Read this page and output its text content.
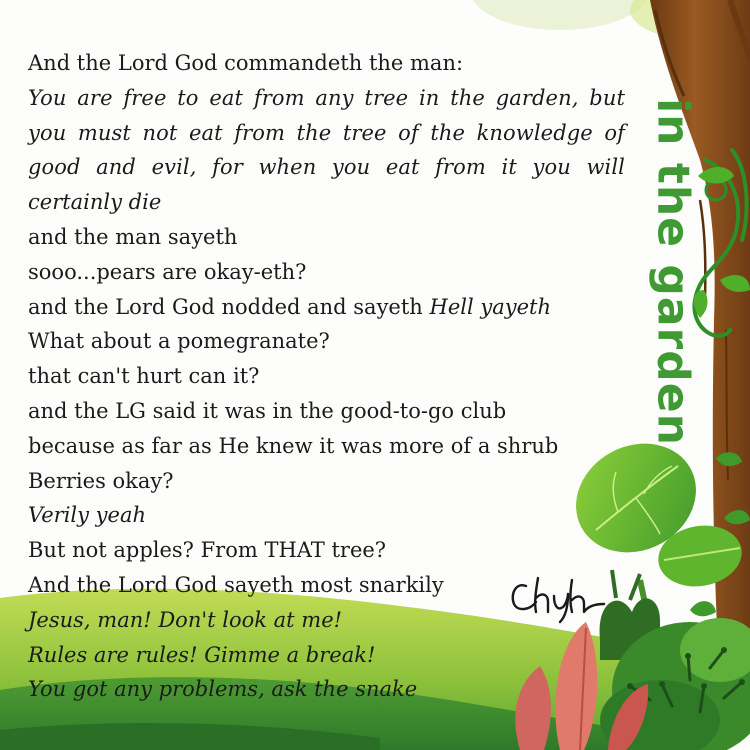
And the Lord God commandeth the man:
You are free to eat from any tree in the garden, but
you must not eat from the tree of the knowledge of
good and evil, for when you eat from it you will
certainly die
and the man sayeth
sooo...pears are okay-eth?
and the Lord God nodded and sayeth Hell yayeth
What about a pomegranate?
that can't hurt can it?
and the LG said it was in the good-to-go club
because as far as He knew it was more of a shrub
Berries okay?
Verily yeah
But not apples? From THAT tree?
And the Lord God sayeth most snarkily
Jesus, man! Don't look at me!
Rules are rules! Gimme a break!
You got any problems, ask the snake
in the garden
